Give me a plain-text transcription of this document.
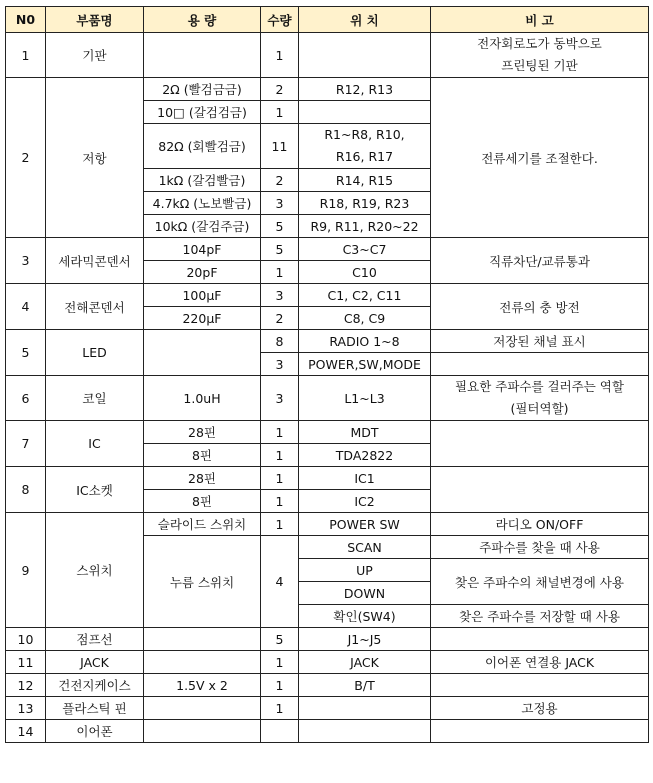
N0	부품명	용 량	수량	위 치	비 고
1	기판		1		전자회로도가 동박으로
프린팅된 기판

2	저항	2Ω (빨검금금)	2	R12, R13	전류세기를 조절한다.
		10□ (갈검검금)	1		
		82Ω (회빨검금)	11	R1~R8, R10,
R16, R17	

		1kΩ (갈검빨금)	2	R14, R15	
		4.7kΩ (노보빨금)	3	R18, R19, R23	
		10kΩ (갈검주금)	5	R9, R11, R20~22	
3	세라믹콘덴서	104pF	5	C3~C7	직류차단/교류통과
		20pF	1	C10	
4	전해콘덴서	100μF	3	C1, C2, C11	전류의 충 방전
		220μF	2	C8, C9	
5	LED		8	RADIO 1~8	저장된 채널 표시
			3	POWER,SW,MODE	
6	코일	1.0uH	3	L1~L3	필요한 주파수를 걸러주는 역할
(필터역할)

7	IC	28핀	1	MDT	
		8핀	1	TDA2822	
8	IC소켓	28핀	1	IC1	
		8핀	1	IC2	
9	스위치	슬라이드 스위치	1	POWER SW	라디오 ON/OFF
		누름 스위치	4	SCAN	주파수를 찾을 때 사용
				UP	찾은 주파수의 채널변경에 사용
				DOWN	
				확인(SW4)	찾은 주파수를 저장할 때 사용
10	점프선		5	J1~J5	
11	JACK		1	JACK	이어폰 연결용 JACK
12	건전지케이스	1.5V x 2	1	B/T	
13	플라스틱 핀		1		고정용
14	이어폰				
